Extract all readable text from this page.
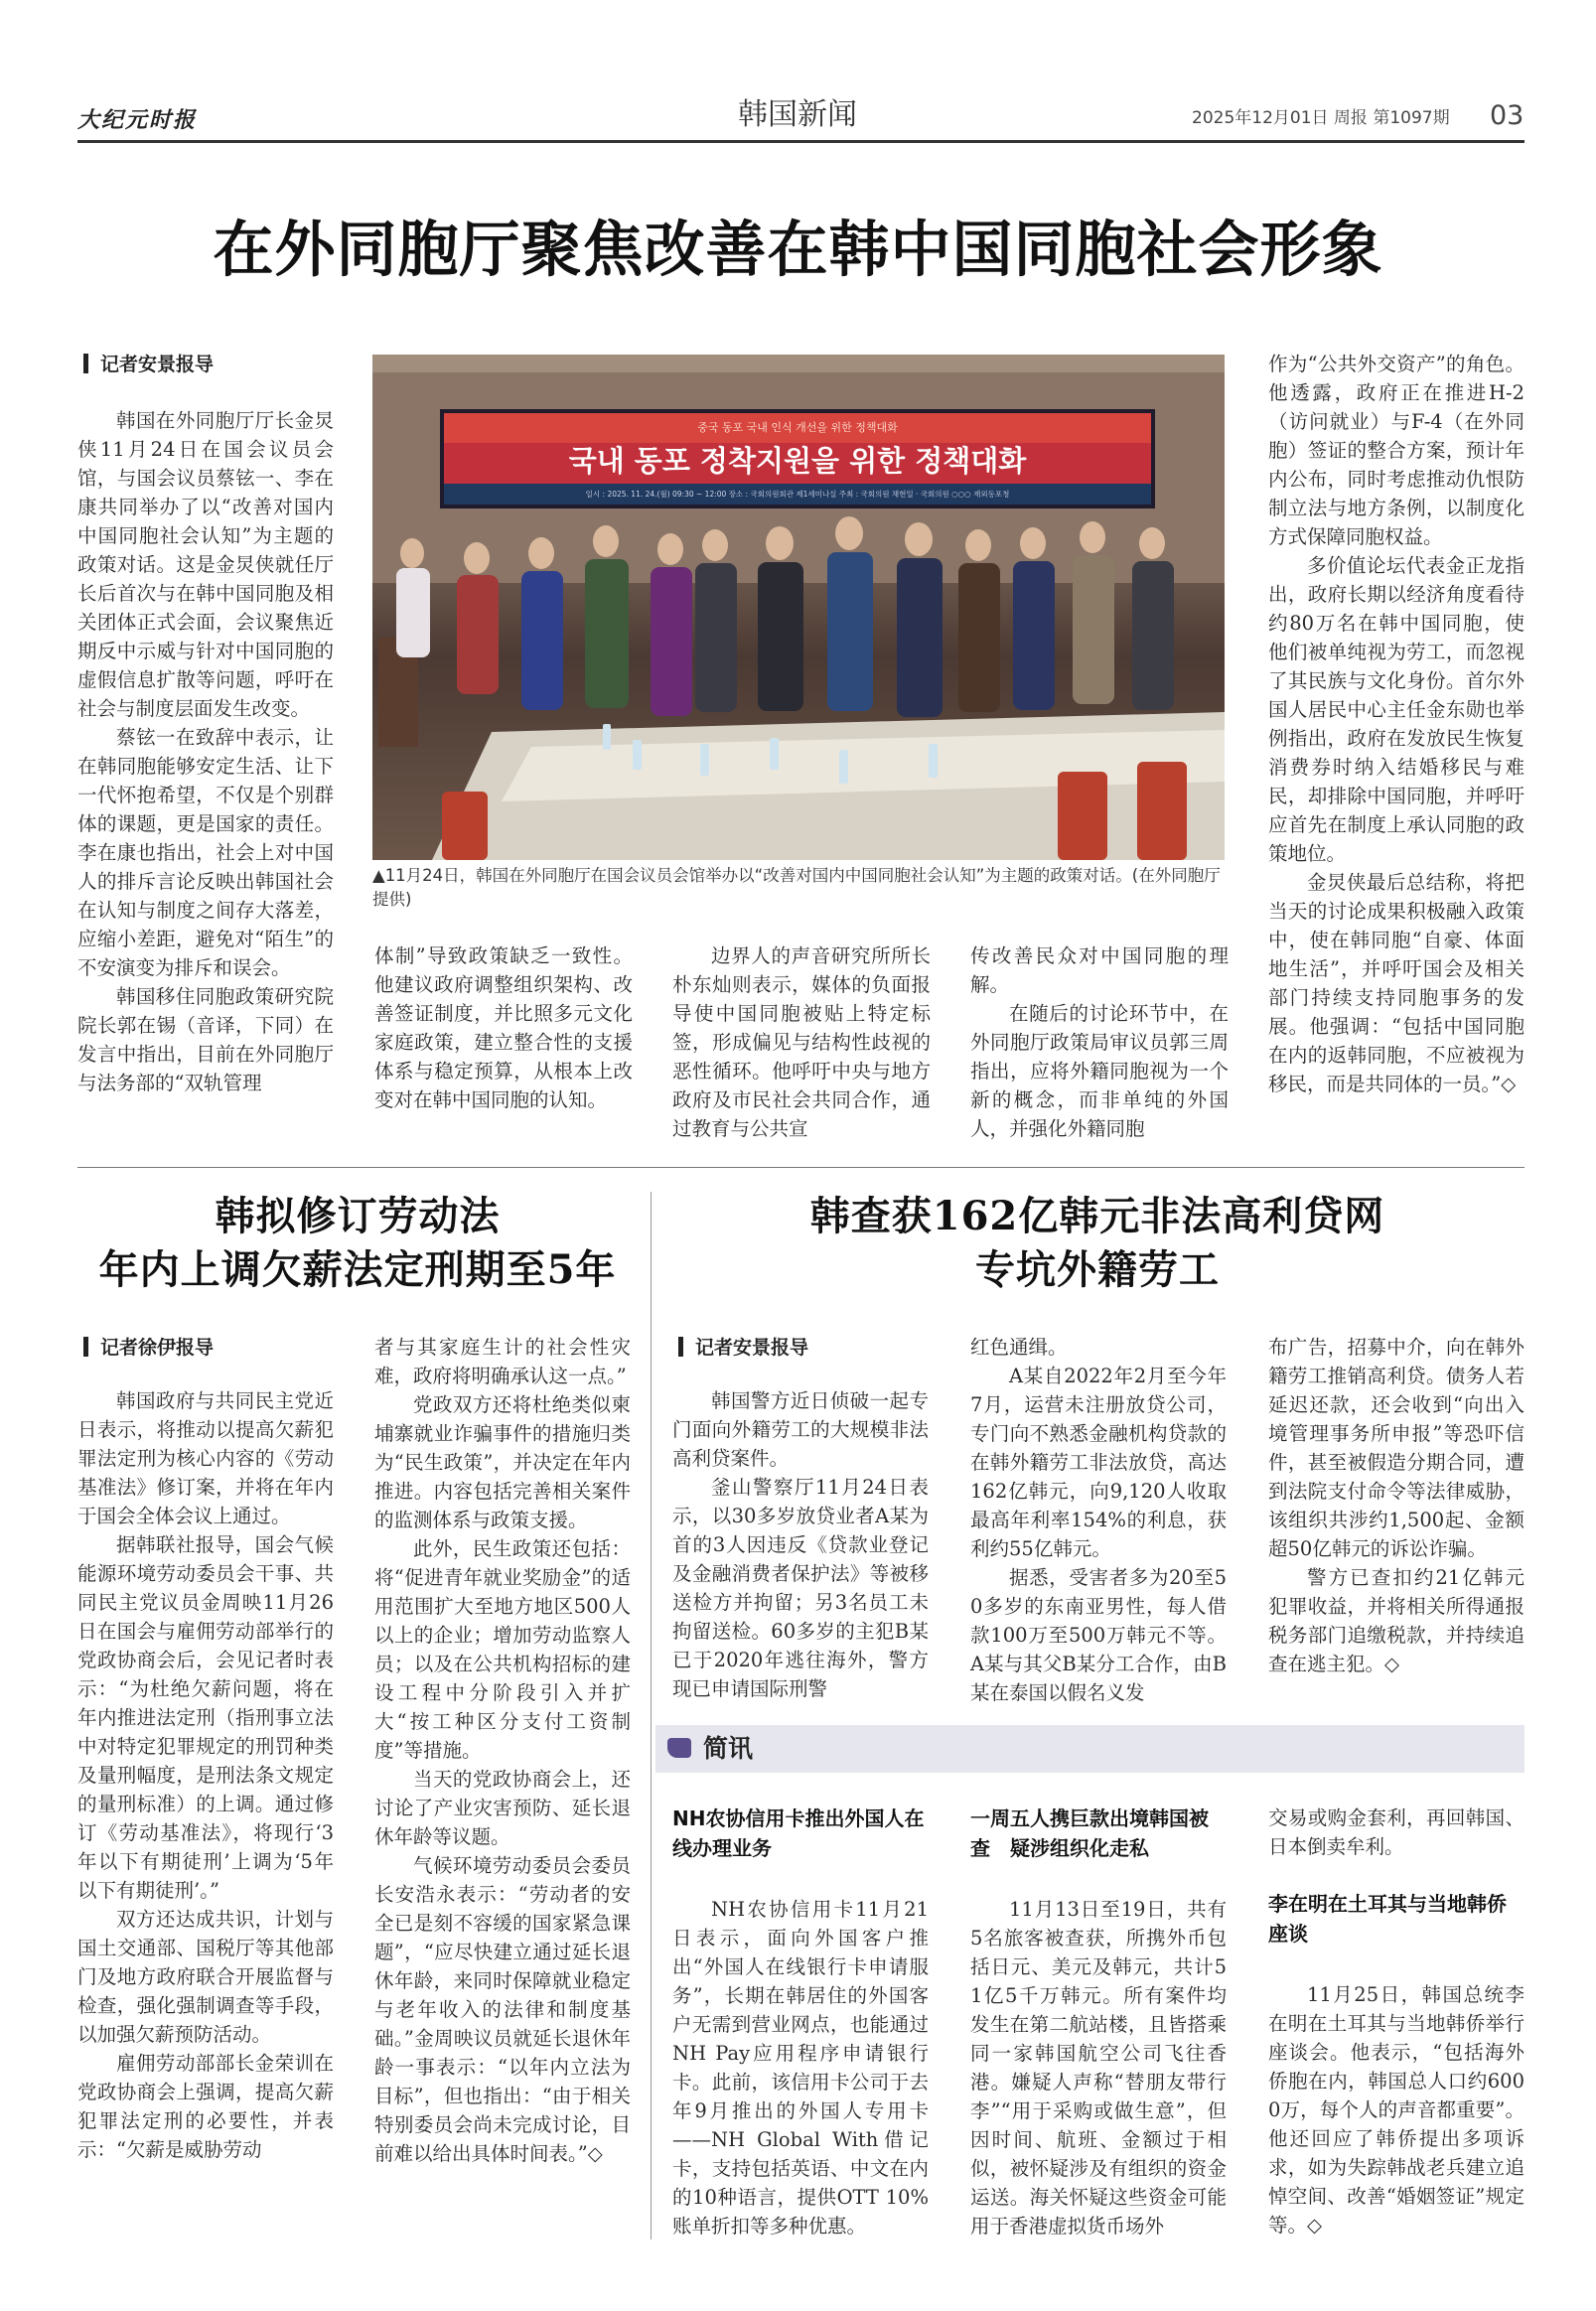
大纪元时报	韩国新闻	2025年12月01日 周报 第1097期 03
在外同胞厅聚焦改善在韩中国同胞社会形象
记者安景报导

韩国在外同胞厅厅长金炅侠11月24日在国会议员会馆，与国会议员蔡铉一、李在康共同举办了以“改善对国内中国同胞社会认知”为主题的政策对话。这是金炅侠就任厅长后首次与在韩中国同胞及相关团体正式会面，会议聚焦近期反中示威与针对中国同胞的虚假信息扩散等问题，呼吁在社会与制度层面发生改变。

蔡铉一在致辞中表示，让在韩同胞能够安定生活、让下一代怀抱希望，不仅是个别群体的课题，更是国家的责任。李在康也指出，社会上对中国人的排斥言论反映出韩国社会在认知与制度之间存大落差，应缩小差距，避免对“陌生”的不安演变为排斥和误会。

韩国移住同胞政策研究院院长郭在锡（音译，下同）在发言中指出，目前在外同胞厅与法务部的“双轨管理

중국 동포 국내 인식 개선을 위한 정책대화
국내 동포 정착지원을 위한 정책대화
일시 : 2025. 11. 24.(월) 09:30 ~ 12:00 장소 : 국회의원회관 제1세미나실 주최 : 국회의원 채현일 · 국회의원 ○○○ 재외동포청
▲11月24日，韩国在外同胞厅在国会议员会馆举办以“改善对国内中国同胞社会认知”为主题的政策对话。(在外同胞厅提供)

体制”导致政策缺乏一致性。他建议政府调整组织架构、改善签证制度，并比照多元文化家庭政策，建立整合性的支援体系与稳定预算，从根本上改变对在韩中国同胞的认知。

边界人的声音研究所所长朴东灿则表示，媒体的负面报导使中国同胞被贴上特定标签，形成偏见与结构性歧视的恶性循环。他呼吁中央与地方政府及市民社会共同合作，通过教育与公共宣

传改善民众对中国同胞的理解。

在随后的讨论环节中，在外同胞厅政策局审议员郭三周指出，应将外籍同胞视为一个新的概念，而非单纯的外国人，并强化外籍同胞

作为“公共外交资产”的角色。他透露，政府正在推进H-2（访问就业）与F-4（在外同胞）签证的整合方案，预计年内公布，同时考虑推动仇恨防制立法与地方条例，以制度化方式保障同胞权益。

多价值论坛代表金正龙指出，政府长期以经济角度看待约80万名在韩中国同胞，使他们被单纯视为劳工，而忽视了其民族与文化身份。首尔外国人居民中心主任金东勋也举例指出，政府在发放民生恢复消费券时纳入结婚移民与难民，却排除中国同胞，并呼吁应首先在制度上承认同胞的政策地位。

金炅侠最后总结称，将把当天的讨论成果积极融入政策中，使在韩同胞“自豪、体面地生活”，并呼吁国会及相关部门持续支持同胞事务的发展。他强调：“包括中国同胞在内的返韩同胞，不应被视为移民，而是共同体的一员。”◇

韩拟修订劳动法
年内上调欠薪法定刑期至5年
记者徐伊报导

韩国政府与共同民主党近日表示，将推动以提高欠薪犯罪法定刑为核心内容的《劳动基准法》修订案，并将在年内于国会全体会议上通过。

据韩联社报导，国会气候能源环境劳动委员会干事、共同民主党议员金周映11月26日在国会与雇佣劳动部举行的党政协商会后，会见记者时表示：“为杜绝欠薪问题，将在年内推进法定刑（指刑事立法中对特定犯罪规定的刑罚种类及量刑幅度，是刑法条文规定的量刑标准）的上调。通过修订《劳动基准法》，将现行‘3年以下有期徒刑’上调为‘5年以下有期徒刑’。”

双方还达成共识，计划与国土交通部、国税厅等其他部门及地方政府联合开展监督与检查，强化强制调查等手段，以加强欠薪预防活动。

雇佣劳动部部长金荣训在党政协商会上强调，提高欠薪犯罪法定刑的必要性，并表示：“欠薪是威胁劳动

者与其家庭生计的社会性灾难，政府将明确承认这一点。”

党政双方还将杜绝类似柬埔寨就业诈骗事件的措施归类为“民生政策”，并决定在年内推进。内容包括完善相关案件的监测体系与政策支援。

此外，民生政策还包括：将“促进青年就业奖励金”的适用范围扩大至地方地区500人以上的企业；增加劳动监察人员；以及在公共机构招标的建设工程中分阶段引入并扩大“按工种区分支付工资制度”等措施。

当天的党政协商会上，还讨论了产业灾害预防、延长退休年龄等议题。

气候环境劳动委员会委员长安浩永表示：“劳动者的安全已是刻不容缓的国家紧急课题”，“应尽快建立通过延长退休年龄，来同时保障就业稳定与老年收入的法律和制度基础。”金周映议员就延长退休年龄一事表示：“以年内立法为目标”，但也指出：“由于相关特别委员会尚未完成讨论，目前难以给出具体时间表。”◇

韩查获162亿韩元非法高利贷网
专坑外籍劳工
记者安景报导

韩国警方近日侦破一起专门面向外籍劳工的大规模非法高利贷案件。

釜山警察厅11月24日表示，以30多岁放贷业者A某为首的3人因违反《贷款业登记及金融消费者保护法》等被移送检方并拘留；另3名员工未拘留送检。60多岁的主犯B某已于2020年逃往海外，警方现已申请国际刑警

红色通缉。

A某自2022年2月至今年7月，运营未注册放贷公司，专门向不熟悉金融机构贷款的在韩外籍劳工非法放贷，高达162亿韩元，向9,120人收取最高年利率154%的利息，获利约55亿韩元。

据悉，受害者多为20至50多岁的东南亚男性，每人借款100万至500万韩元不等。A某与其父B某分工合作，由B某在泰国以假名义发

布广告，招募中介，向在韩外籍劳工推销高利贷。债务人若延迟还款，还会收到“向出入境管理事务所申报”等恐吓信件，甚至被假造分期合同，遭到法院支付命令等法律威胁，该组织共涉约1,500起、金额超50亿韩元的诉讼诈骗。

警方已查扣约21亿韩元犯罪收益，并将相关所得通报税务部门追缴税款，并持续追查在逃主犯。◇

简讯
NH农协信用卡推出外国人在线办理业务

NH农协信用卡11月21日表示，面向外国客户推出“外国人在线银行卡申请服务”，长期在韩居住的外国客户无需到营业网点，也能通过NH Pay应用程序申请银行卡。此前，该信用卡公司于去年9月推出的外国人专用卡——NH Global With借记卡，支持包括英语、中文在内的10种语言，提供OTT 10%账单折扣等多种优惠。

一周五人携巨款出境韩国被查　疑涉组织化走私

11月13日至19日，共有5名旅客被查获，所携外币包括日元、美元及韩元，共计51亿5千万韩元。所有案件均发生在第二航站楼，且皆搭乘同一家韩国航空公司飞往香港。嫌疑人声称“替朋友带行李”“用于采购或做生意”，但因时间、航班、金额过于相似，被怀疑涉及有组织的资金运送。海关怀疑这些资金可能用于香港虚拟货币场外

交易或购金套利，再回韩国、日本倒卖牟利。

李在明在土耳其与当地韩侨座谈

11月25日，韩国总统李在明在土耳其与当地韩侨举行座谈会。他表示，“包括海外侨胞在内，韩国总人口约6000万，每个人的声音都重要”。他还回应了韩侨提出多项诉求，如为失踪韩战老兵建立追悼空间、改善“婚姻签证”规定等。◇
